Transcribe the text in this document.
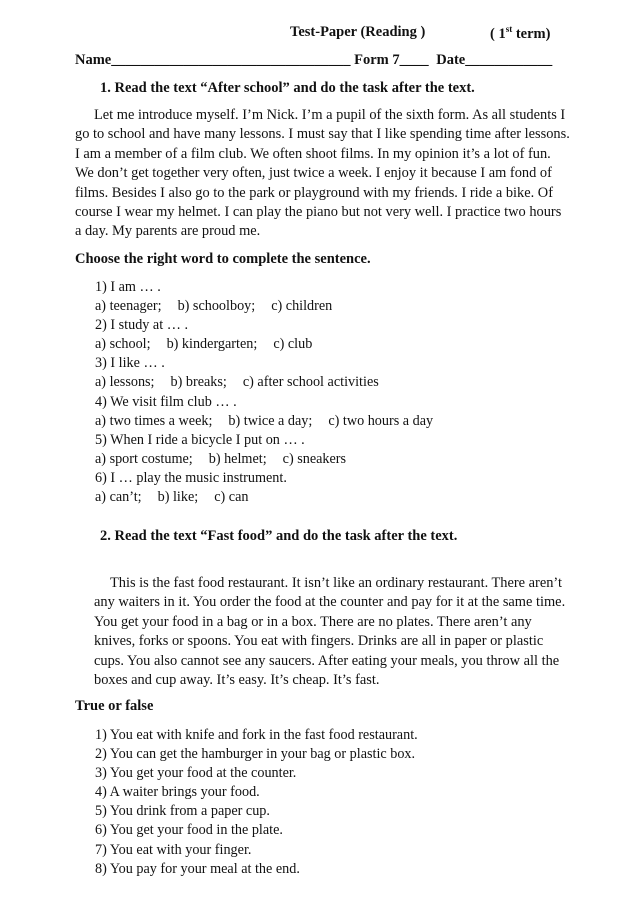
Test-Paper (Reading )	( 1st term)
Name_________________________________ Form 7____ Date____________
1. Read the text “After school” and do the task after the text.
Let me introduce myself. I’m Nick. I’m a pupil of the sixth form. As all students I
go to school and have many lessons. I must say that I like spending time after lessons.
I am a member of a film club. We often shoot films. In my opinion it’s a lot of fun.
We don’t get together very often, just twice a week. I enjoy it because I am fond of
films. Besides I also go to the park or playground with my friends. I ride a bike. Of
course I wear my helmet. I can play the piano but not very well. I practice two hours
a day. My parents are proud me.
Choose the right word to complete the sentence.
1) I am … .
a) teenager; b) schoolboy; c) children
2) I study at … .
a) school; b) kindergarten; c) club
3) I like … .
a) lessons; b) breaks; c) after school activities
4) We visit film club … .
a) two times a week; b) twice a day; c) two hours a day
5) When I ride a bicycle I put on … .
a) sport costume; b) helmet; c) sneakers
6) I … play the music instrument.
a) can’t; b) like; c) can
2. Read the text “Fast food” and do the task after the text.
This is the fast food restaurant. It isn’t like an ordinary restaurant. There aren’t
any waiters in it. You order the food at the counter and pay for it at the same time.
You get your food in a bag or in a box. There are no plates. There aren’t any
knives, forks or spoons. You eat with fingers. Drinks are all in paper or plastic
cups. You also cannot see any saucers. After eating your meals, you throw all the
boxes and cup away. It’s easy. It’s cheap. It’s fast.
True or false
1) You eat with knife and fork in the fast food restaurant.
2) You can get the hamburger in your bag or plastic box.
3) You get your food at the counter.
4) A waiter brings your food.
5) You drink from a paper cup.
6) You get your food in the plate.
7) You eat with your finger.
8) You pay for your meal at the end.
